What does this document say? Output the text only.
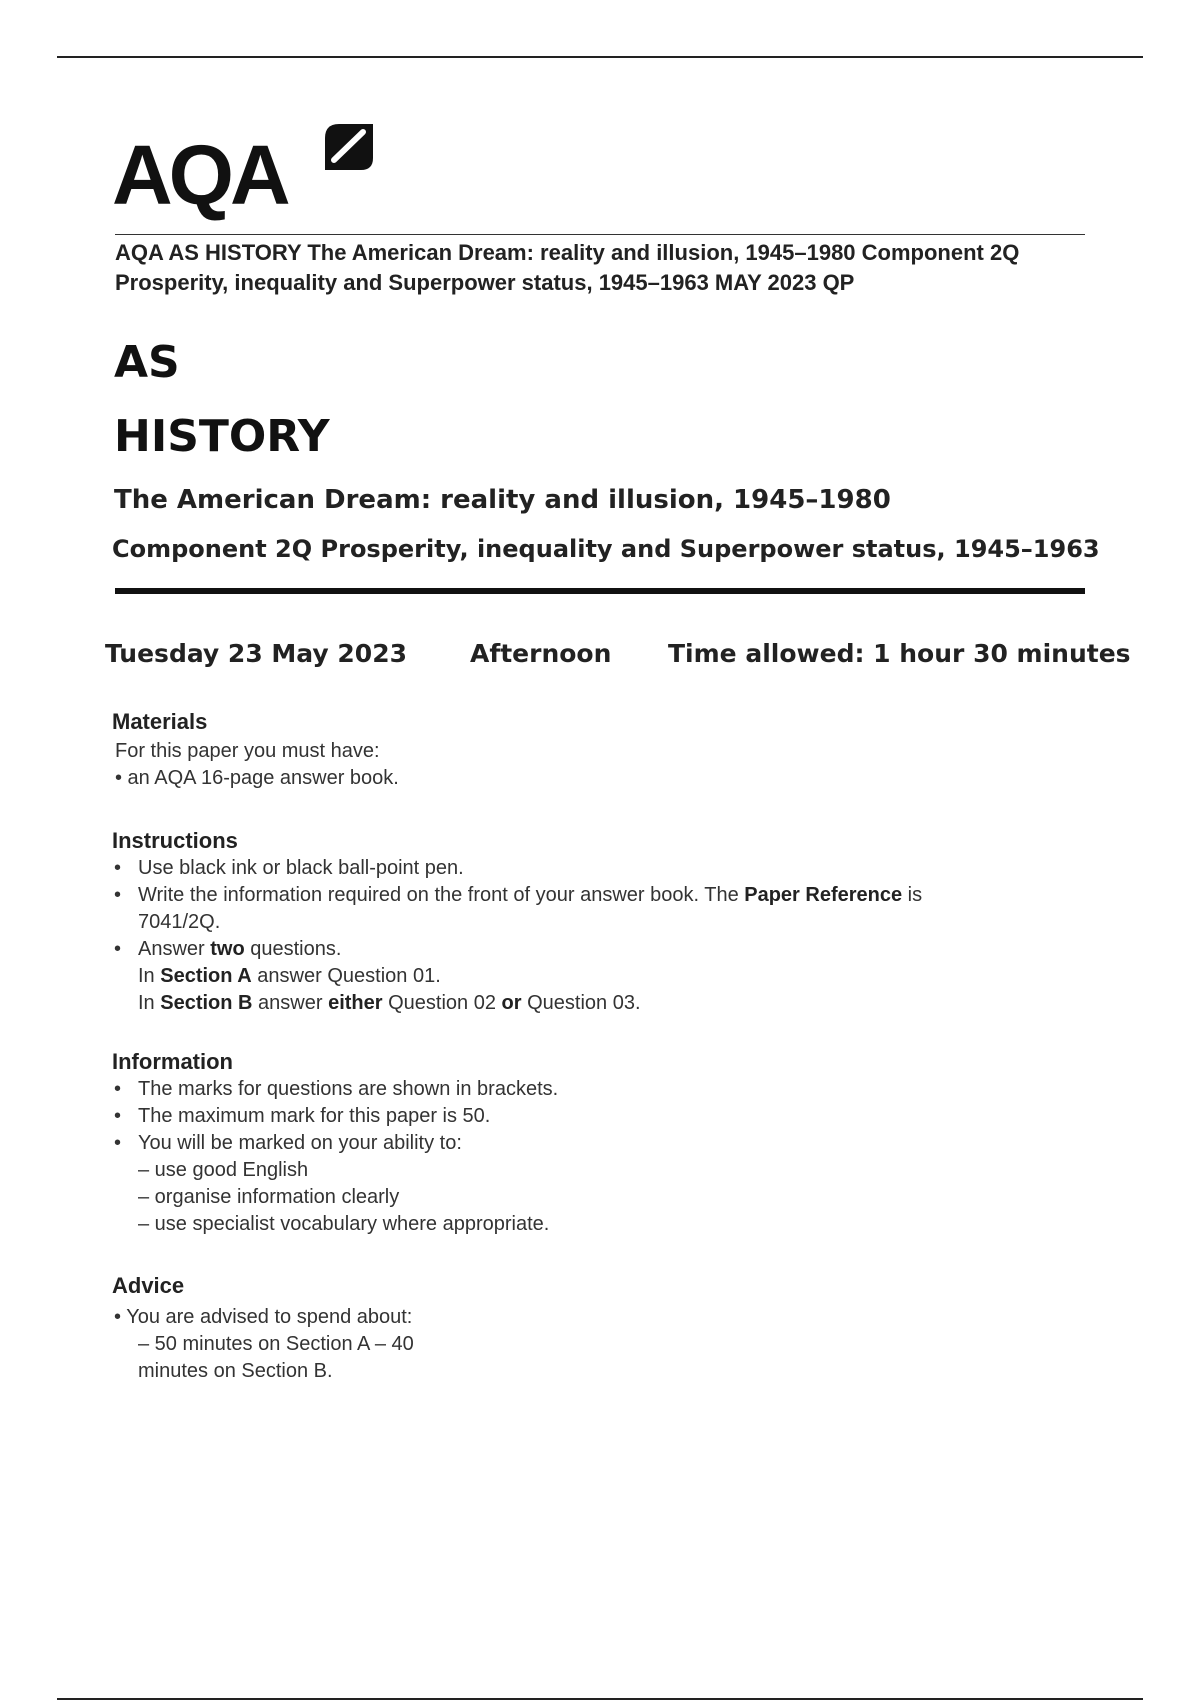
AQA
AQA AS HISTORY The American Dream: reality and illusion, 1945–1980 Component 2Q
Prosperity, inequality and Superpower status, 1945–1963 MAY 2023 QP
AS
HISTORY
The American Dream: reality and illusion, 1945–1980
Component 2Q Prosperity, inequality and Superpower status, 1945–1963
Tuesday 23 May 2023	Afternoon Time allowed: 1 hour 30 minutes
Materials
For this paper you must have:
• an AQA 16-page answer book.
Instructions
• Use black ink or black ball-point pen.
• Write the information required on the front of your answer book. The Paper Reference is
7041/2Q.
• Answer two questions.
In Section A answer Question 01.
In Section B answer either Question 02 or Question 03.
Information
• The marks for questions are shown in brackets.
• The maximum mark for this paper is 50.
• You will be marked on your ability to:
– use good English
– organise information clearly
– use specialist vocabulary where appropriate.
Advice
• You are advised to spend about:
– 50 minutes on Section A – 40
minutes on Section B.
